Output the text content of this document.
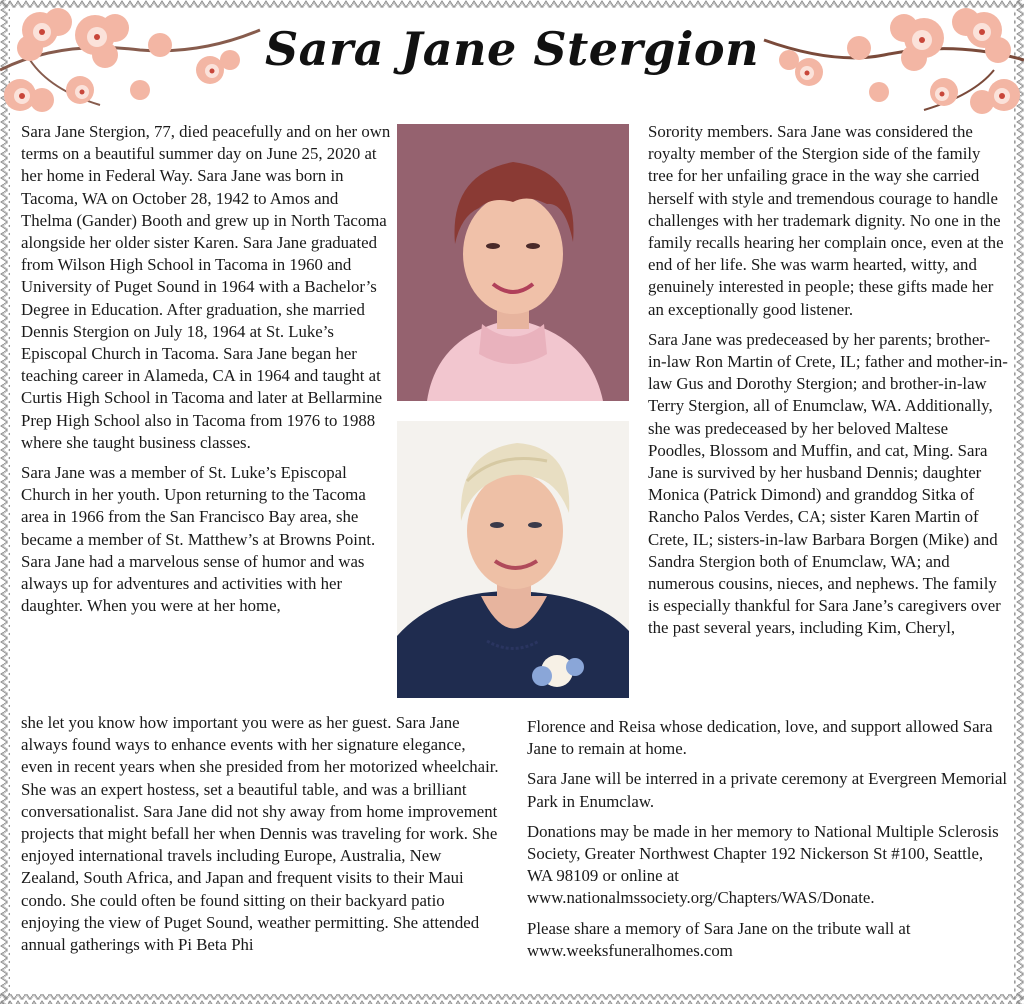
Sara Jane Stergion

Sara Jane Stergion, 77, died peacefully and on her own terms on a beautiful summer day on June 25, 2020 at her home in Federal Way. Sara Jane was born in Tacoma, WA on October 28, 1942 to Amos and Thelma (Gander) Booth and grew up in North Tacoma alongside her older sister Karen. Sara Jane graduated from Wilson High School in Tacoma in 1960 and University of Puget Sound in 1964 with a Bachelor’s Degree in Education. After graduation, she married Dennis Stergion on July 18, 1964 at St. Luke’s Episcopal Church in Tacoma. Sara Jane began her teaching career in Alameda, CA in 1964 and taught at Curtis High School in Tacoma and later at Bellarmine Prep High School also in Tacoma from 1976 to 1988 where she taught business classes.

Sara Jane was a member of St. Luke’s Episcopal Church in her youth. Upon returning to the Tacoma area in 1966 from the San Francisco Bay area, she became a member of St. Matthew’s at Browns Point. Sara Jane had a marvelous sense of humor and was always up for adventures and activities with her daughter. When you were at her home,

she let you know how important you were as her guest. Sara Jane always found ways to enhance events with her signature elegance, even in recent years when she presided from her motorized wheelchair. She was an expert hostess, set a beautiful table, and was a brilliant conversationalist. Sara Jane did not shy away from home improvement projects that might befall her when Dennis was traveling for work. She enjoyed international travels including Europe, Australia, New Zealand, South Africa, and Japan and frequent visits to their Maui condo. She could often be found sitting on their backyard patio enjoying the view of Puget Sound, weather permitting. She attended annual gatherings with Pi Beta Phi

Sorority members. Sara Jane was considered the royalty member of the Stergion side of the family tree for her unfailing grace in the way she carried herself with style and tremendous courage to handle challenges with her trademark dignity. No one in the family recalls hearing her complain once, even at the end of her life. She was warm hearted, witty, and genuinely interested in people; these gifts made her an exceptionally good listener.

Sara Jane was predeceased by her parents; brother-in-law Ron Martin of Crete, IL; father and mother-in-law Gus and Dorothy Stergion; and brother-in-law Terry Stergion, all of Enumclaw, WA. Additionally, she was predeceased by her beloved Maltese Poodles, Blossom and Muffin, and cat, Ming. Sara Jane is survived by her husband Dennis; daughter Monica (Patrick Dimond) and granddog Sitka of Rancho Palos Verdes, CA; sister Karen Martin of Crete, IL; sisters-in-law Barbara Borgen (Mike) and Sandra Stergion both of Enumclaw, WA; and numerous cousins, nieces, and nephews. The family is especially thankful for Sara Jane’s caregivers over the past several years, including Kim, Cheryl,

Florence and Reisa whose dedication, love, and support allowed Sara Jane to remain at home.

Sara Jane will be interred in a private ceremony at Evergreen Memorial Park in Enumclaw.

Donations may be made in her memory to National Multiple Sclerosis Society, Greater Northwest Chapter 192 Nickerson St #100, Seattle, WA 98109 or online at www.nationalmssociety.org/Chapters/WAS/Donate.

Please share a memory of Sara Jane on the tribute wall at www.weeksfuneralhomes.com
